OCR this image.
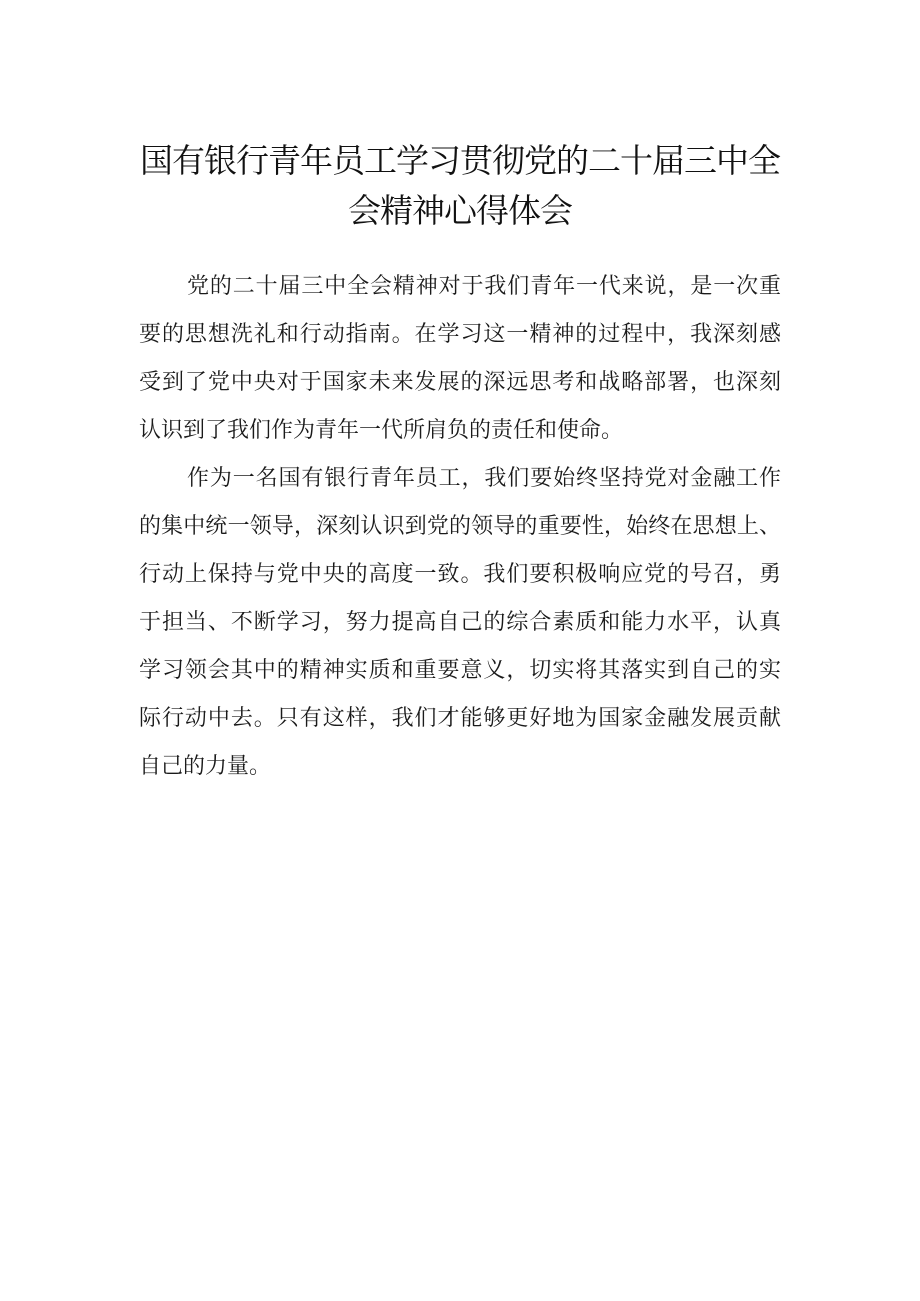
国有银行青年员工学习贯彻党的二十届三中全
会精神心得体会

党的二十届三中全会精神对于我们青年一代来说，是一次重
要的思想洗礼和行动指南。在学习这一精神的过程中，我深刻感
受到了党中央对于国家未来发展的深远思考和战略部署，也深刻
认识到了我们作为青年一代所肩负的责任和使命。

作为一名国有银行青年员工，我们要始终坚持党对金融工作
的集中统一领导，深刻认识到党的领导的重要性，始终在思想上、
行动上保持与党中央的高度一致。我们要积极响应党的号召，勇
于担当、不断学习，努力提高自己的综合素质和能力水平，认真
学习领会其中的精神实质和重要意义，切实将其落实到自己的实
际行动中去。只有这样，我们才能够更好地为国家金融发展贡献
自己的力量。
